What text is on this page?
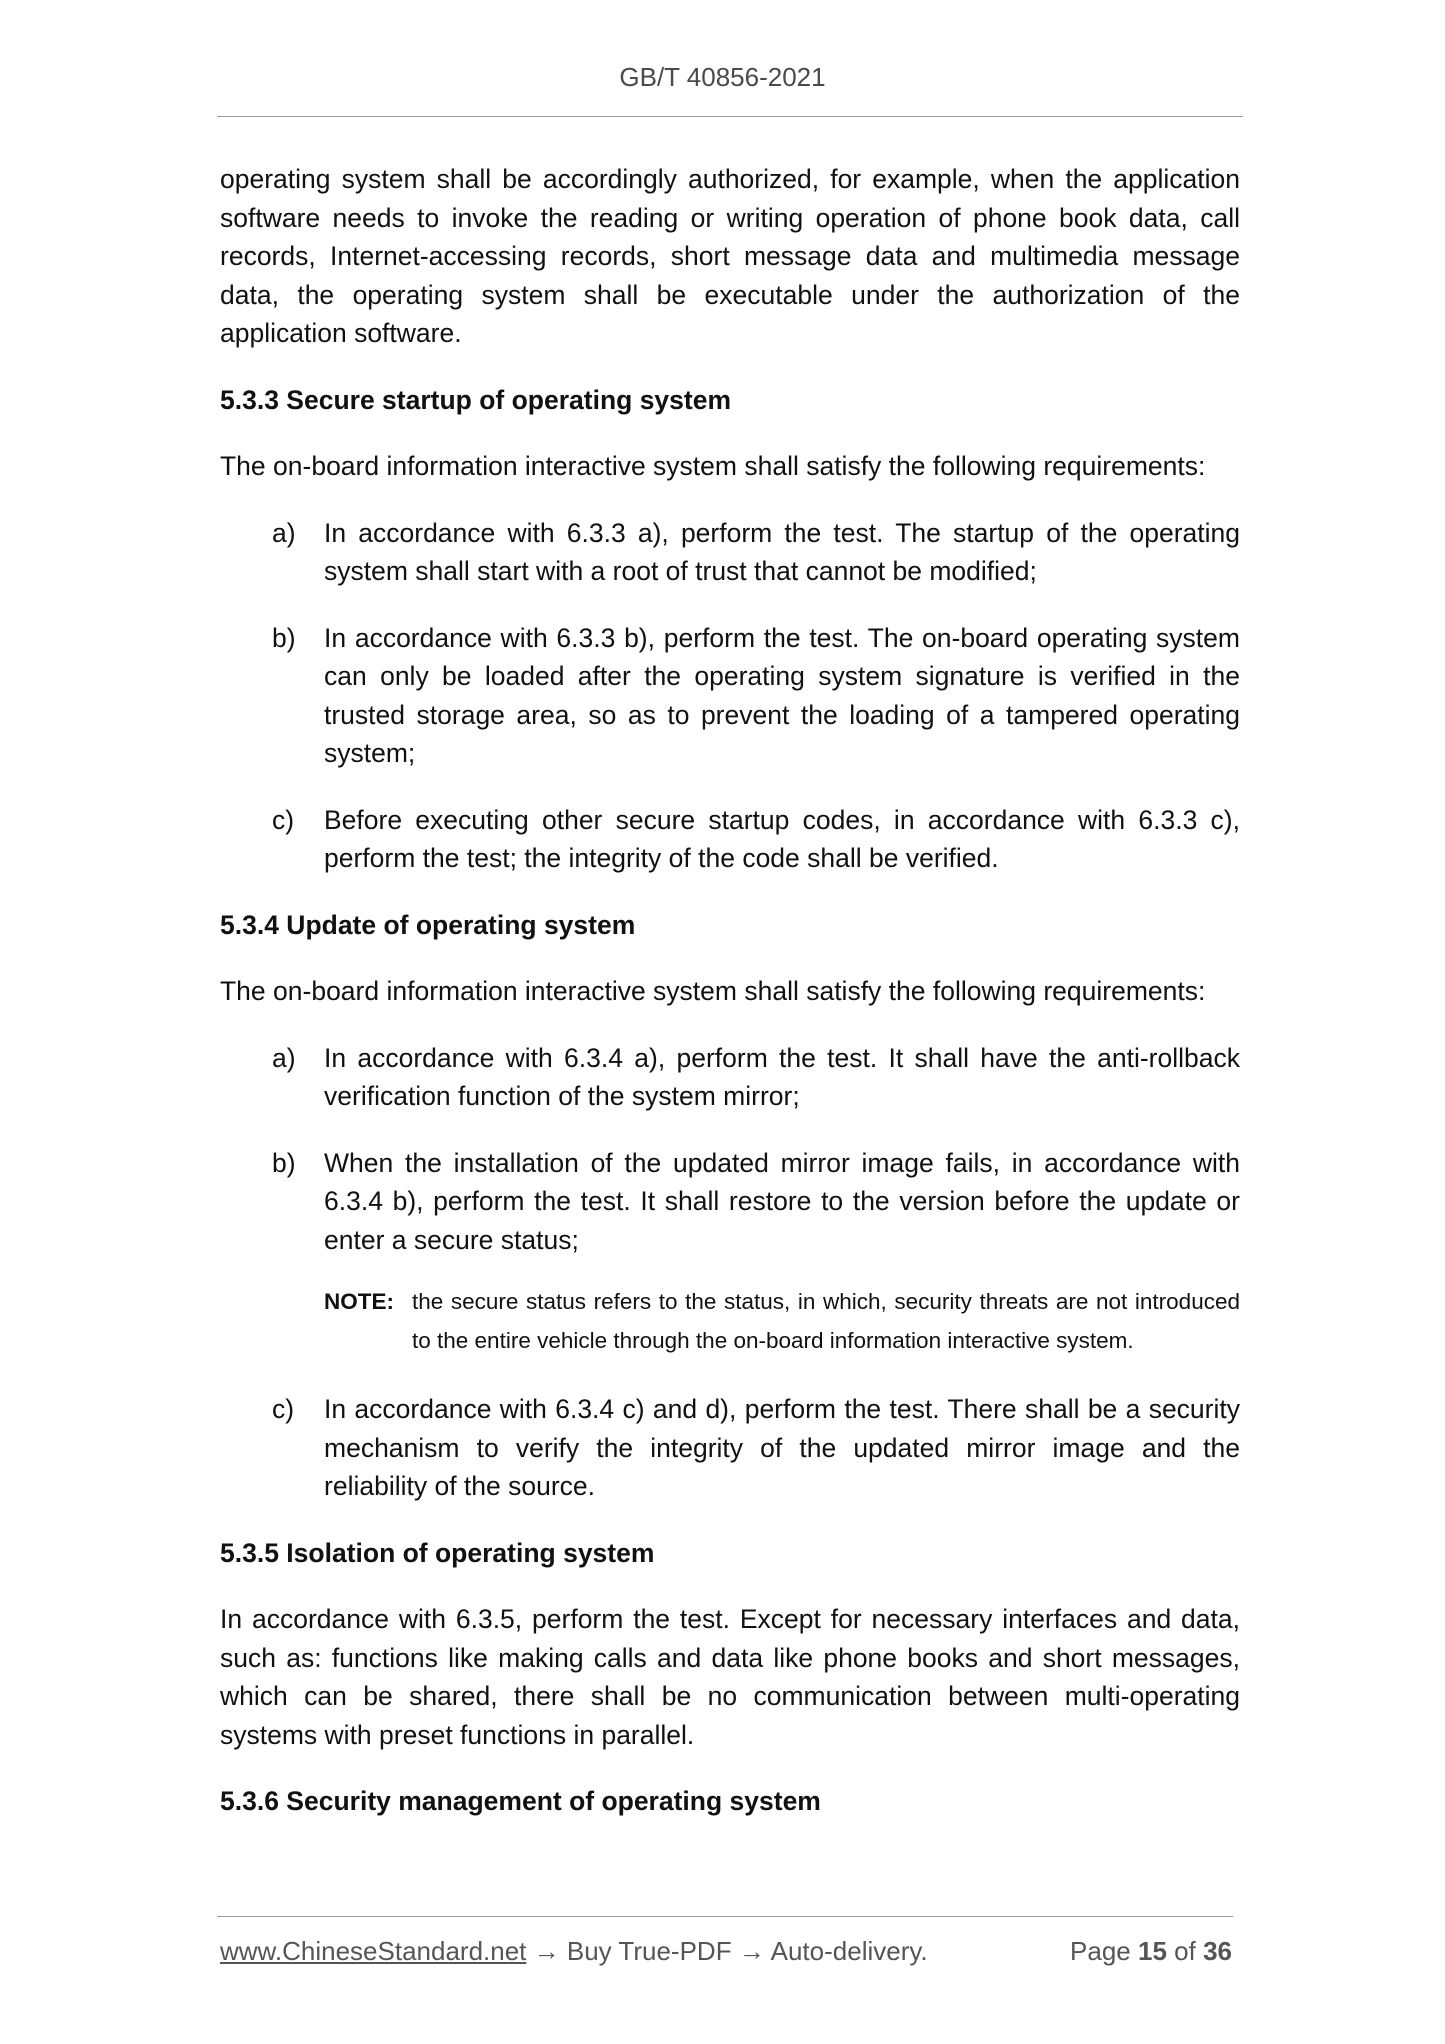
GB/T 40856-2021

operating system shall be accordingly authorized, for example, when the application software needs to invoke the reading or writing operation of phone book data, call records, Internet-accessing records, short message data and multimedia message data, the operating system shall be executable under the authorization of the application software.

5.3.3 Secure startup of operating system

The on-board information interactive system shall satisfy the following requirements:

a)	In accordance with 6.3.3 a), perform the test. The startup of the operating system shall start with a root of trust that cannot be modified;
b)	In accordance with 6.3.3 b), perform the test. The on-board operating system can only be loaded after the operating system signature is verified in the trusted storage area, so as to prevent the loading of a tampered operating system;
c)	Before executing other secure startup codes, in accordance with 6.3.3 c), perform the test; the integrity of the code shall be verified.

5.3.4 Update of operating system

The on-board information interactive system shall satisfy the following requirements:

a)	In accordance with 6.3.4 a), perform the test. It shall have the anti-rollback verification function of the system mirror;
b)	When the installation of the updated mirror image fails, in accordance with 6.3.4 b), perform the test. It shall restore to the version before the update or enter a secure status;
NOTE: the secure status refers to the status, in which, security threats are not introduced to the entire vehicle through the on-board information interactive system.
c)	In accordance with 6.3.4 c) and d), perform the test. There shall be a security mechanism to verify the integrity of the updated mirror image and the reliability of the source.

5.3.5 Isolation of operating system

In accordance with 6.3.5, perform the test. Except for necessary interfaces and data, such as: functions like making calls and data like phone books and short messages, which can be shared, there shall be no communication between multi-operating systems with preset functions in parallel.

5.3.6 Security management of operating system

www.ChineseStandard.net → Buy True-PDF → Auto-delivery.	Page 15 of 36
